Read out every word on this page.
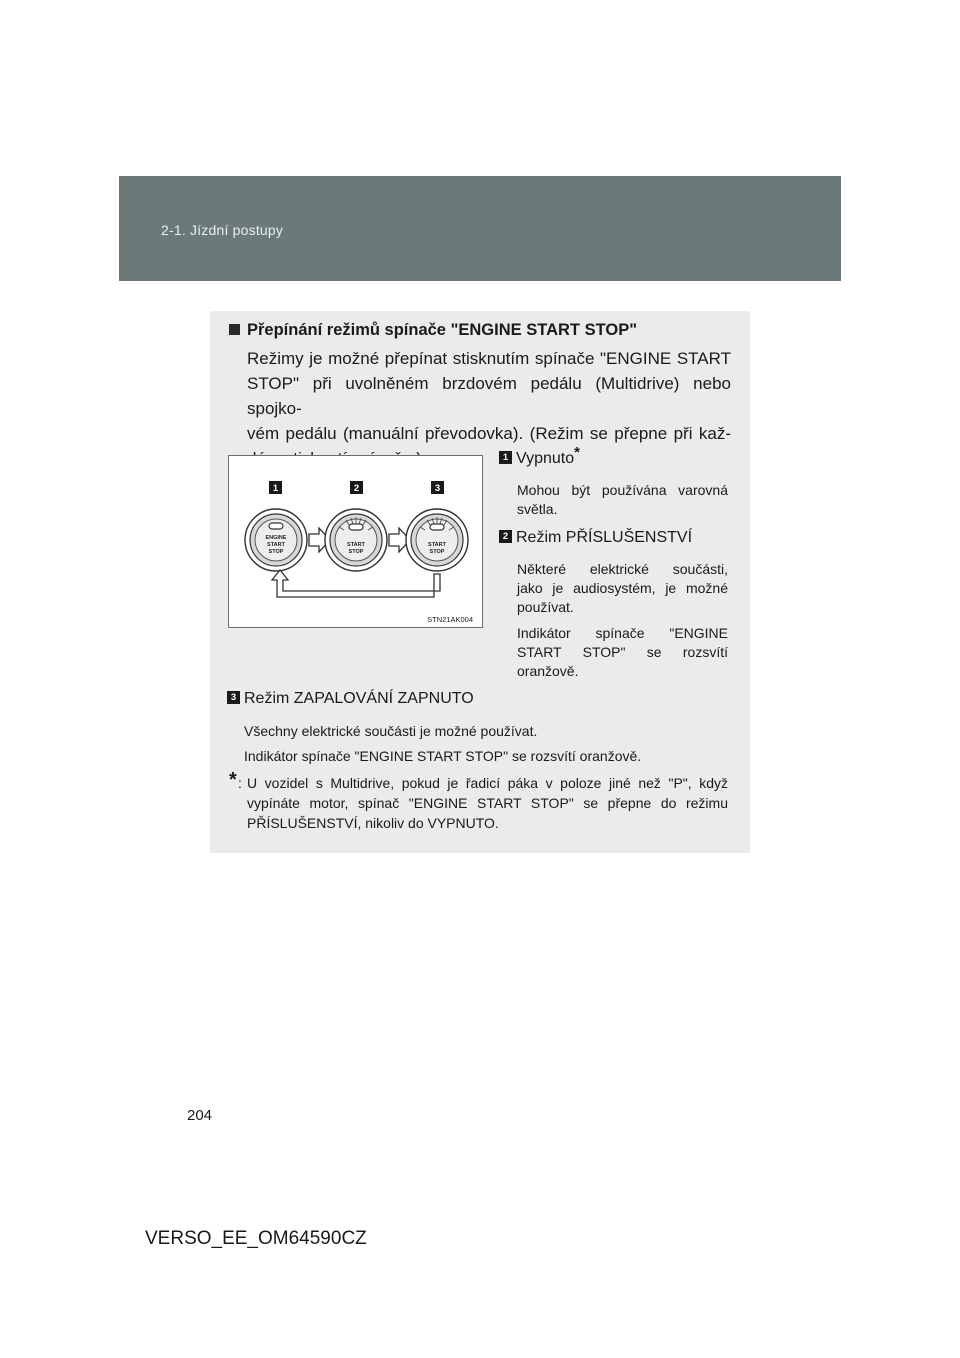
2-1. Jízdní postupy
Přepínání režimů spínače "ENGINE START STOP"
Režimy je možné přepínat stisknutím spínače "ENGINE START
STOP" při uvolněném brzdovém pedálu (Multidrive) nebo spojko-
vém pedálu (manuální převodovka). (Režim se přepne při kaž-
1	2	3
ENGINE
START
STOP
START
STOP
START
STOP
STN21AK004
1 Vypnuto*
Mohou být používána varovná
světla.
2 Režim PŘÍSLUŠENSTVÍ
Některé elektrické součásti,
jako je audiosystém, je možné
používat.
Indikátor spínače "ENGINE
START STOP" se rozsvítí
oranžově.
3 Režim ZAPALOVÁNÍ ZAPNUTO
Všechny elektrické součásti je možné používat.
Indikátor spínače "ENGINE START STOP" se rozsvítí oranžově.
* : U vozidel s Multidrive, pokud je řadicí páka v poloze jiné než "P", když
vypínáte motor, spínač "ENGINE START STOP" se přepne do režimu
PŘÍSLUŠENSTVÍ, nikoliv do VYPNUTO.
204
VERSO_EE_OM64590CZ
